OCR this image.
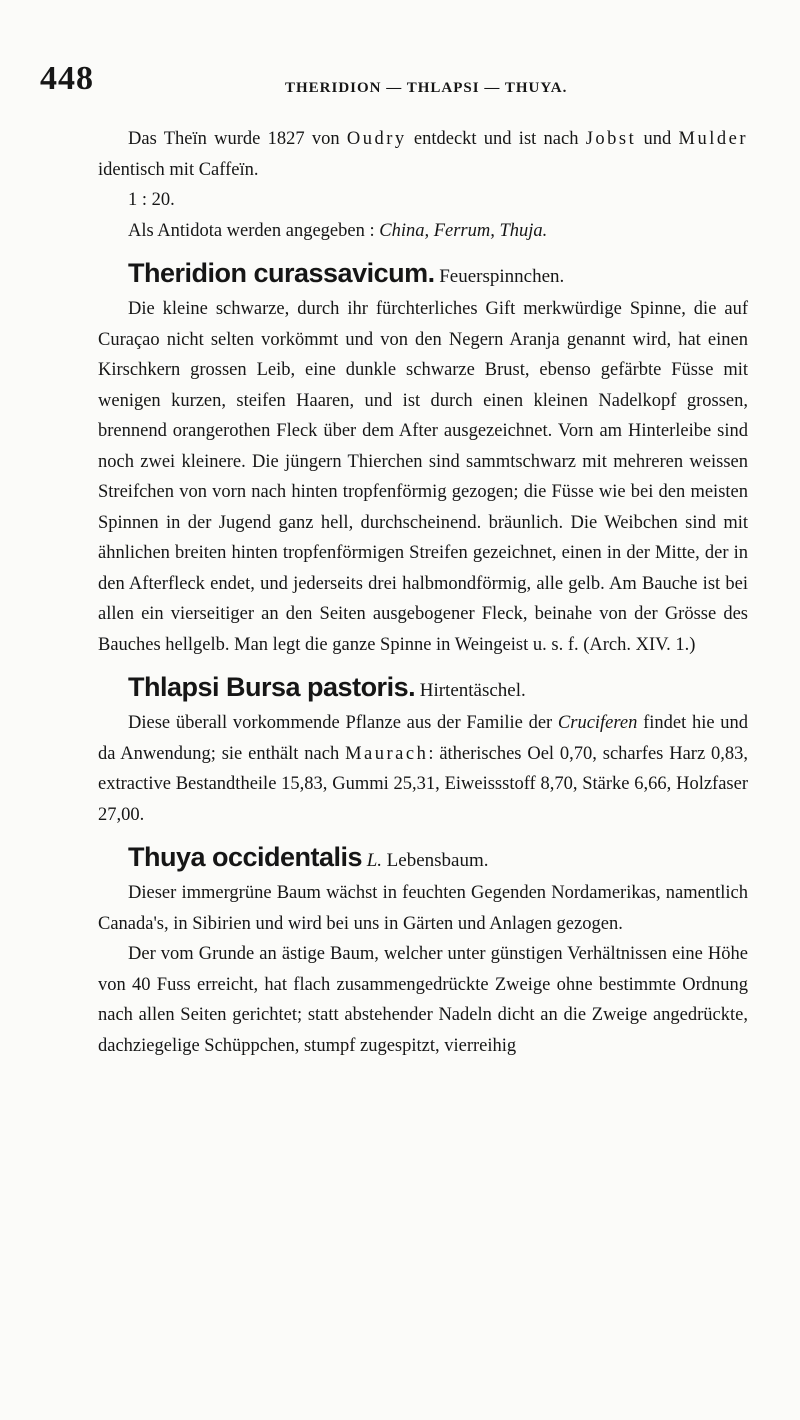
448	THERIDION — THLAPSI — THUYA.

Das Theïn wurde 1827 von Oudry entdeckt und ist nach Jobst und Mulder identisch mit Caffeïn.

1 : 20.

Als Antidota werden angegeben : China, Ferrum, Thuja.

Theridion curassavicum. Feuerspinnchen.

Die kleine schwarze, durch ihr fürchterliches Gift merkwürdige Spinne, die auf Curaçao nicht selten vorkömmt und von den Negern Aranja genannt wird, hat einen Kirschkern grossen Leib, eine dunkle schwarze Brust, ebenso gefärbte Füsse mit wenigen kurzen, steifen Haaren, und ist durch einen kleinen Nadelkopf grossen, brennend orangerothen Fleck über dem After ausgezeichnet. Vorn am Hinterleibe sind noch zwei kleinere. Die jüngern Thierchen sind sammtschwarz mit mehreren weissen Streifchen von vorn nach hinten tropfenförmig gezogen; die Füsse wie bei den meisten Spinnen in der Jugend ganz hell, durchscheinend. bräunlich. Die Weibchen sind mit ähnlichen breiten hinten tropfenförmigen Streifen gezeichnet, einen in der Mitte, der in den Afterfleck endet, und jederseits drei halbmondförmig, alle gelb. Am Bauche ist bei allen ein vierseitiger an den Seiten ausgebogener Fleck, beinahe von der Grösse des Bauches hellgelb. Man legt die ganze Spinne in Weingeist u. s. f. (Arch. XIV. 1.)

Thlapsi Bursa pastoris. Hirtentäschel.

Diese überall vorkommende Pflanze aus der Familie der Cruciferen findet hie und da Anwendung; sie enthält nach Maurach: ätherisches Oel 0,70, scharfes Harz 0,83, extractive Bestandtheile 15,83, Gummi 25,31, Eiweissstoff 8,70, Stärke 6,66, Holzfaser 27,00.

Thuya occidentalis L. Lebensbaum.

Dieser immergrüne Baum wächst in feuchten Gegenden Nordamerikas, namentlich Canada's, in Sibirien und wird bei uns in Gärten und Anlagen gezogen.

Der vom Grunde an ästige Baum, welcher unter günstigen Verhältnissen eine Höhe von 40 Fuss erreicht, hat flach zusammengedrückte Zweige ohne bestimmte Ordnung nach allen Seiten gerichtet; statt abstehender Nadeln dicht an die Zweige angedrückte, dachziegelige Schüppchen, stumpf zugespitzt, vierreihig
